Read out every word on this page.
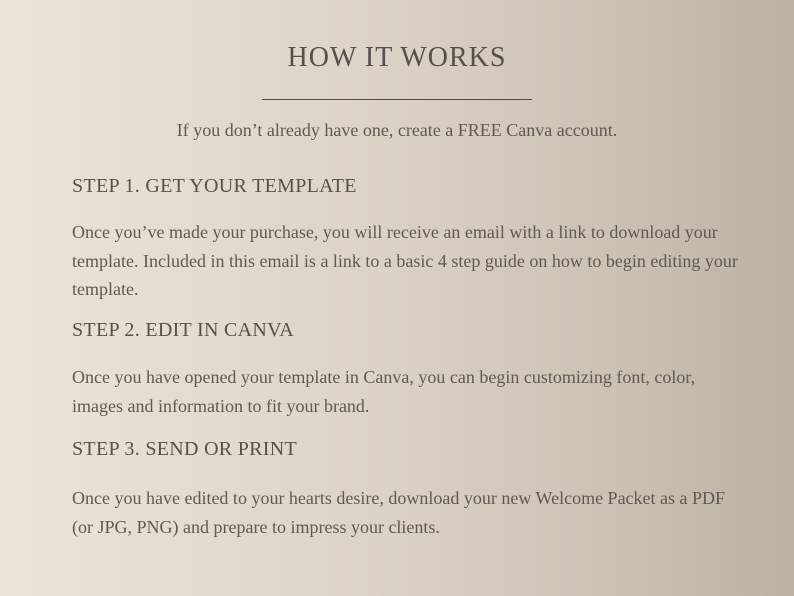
HOW IT WORKS
If you don’t already have one, create a FREE Canva account.
STEP 1. GET YOUR TEMPLATE
Once you’ve made your purchase, you will receive an email with a link to download your template. Included in this email is a link to a basic 4 step guide on how to begin editing your template.
STEP 2. EDIT IN CANVA
Once you have opened your template in Canva, you can begin customizing font, color, images and information to fit your brand.
STEP 3. SEND OR PRINT
Once you have edited to your hearts desire, download your new Welcome Packet as a PDF (or JPG, PNG) and prepare to impress your clients.
